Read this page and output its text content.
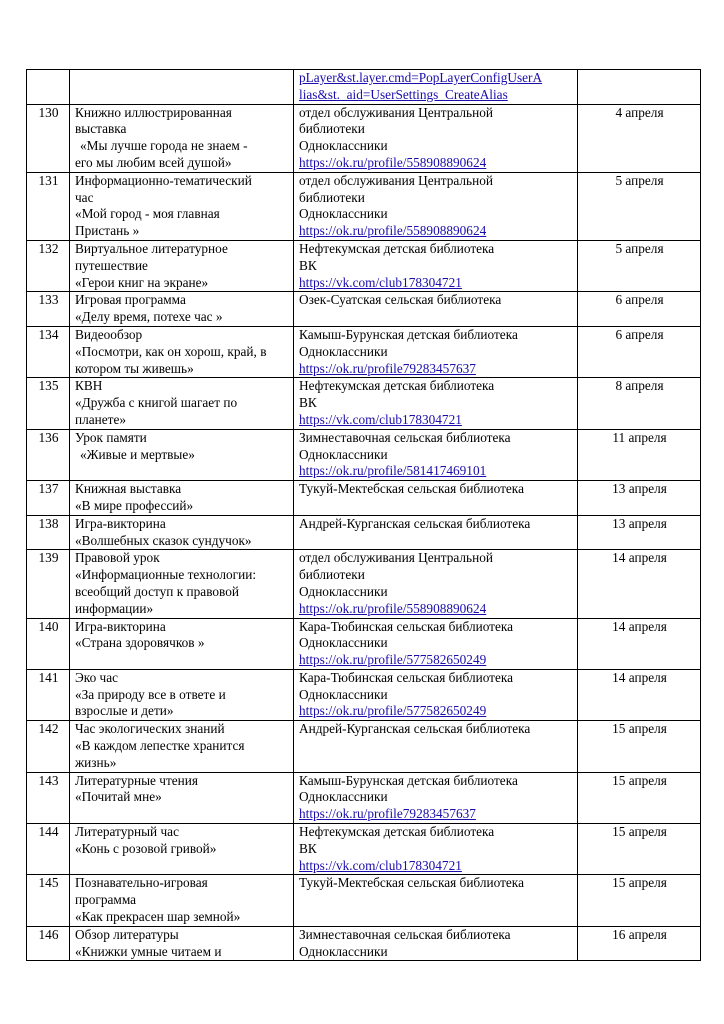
		pLayer&st.layer.cmd=PopLayerConfigUserA
lias&st._aid=UserSettings_CreateAlias	

130	Книжно иллюстрированная
выставка
«Мы лучше города не знаем -
его мы любим всей душой»	отдел обслуживания Центральной
библиотеки
Одноклассники
https://ok.ru/profile/558908890624	4 апреля
131	Информационно-тематический
час
«Мой город - моя главная
Пристань »	отдел обслуживания Центральной
библиотеки
Одноклассники
https://ok.ru/profile/558908890624	5 апреля
132	Виртуальное литературное
путешествие
«Герои книг на экране»	Нефтекумская детская библиотека
ВК
https://vk.com/club178304721	5 апреля
133	Игровая программа
«Делу время, потехе час »	Озек-Суатская сельская библиотека	6 апреля
134	Видеообзор
«Посмотри, как он хорош, край, в
котором ты живешь»	Камыш-Бурунская детская библиотека
Одноклассники
https://ok.ru/profile79283457637	6 апреля
135	КВН
«Дружба с книгой шагает по
планете»	Нефтекумская детская библиотека
ВК
https://vk.com/club178304721	8 апреля
136	Урок памяти
«Живые и мертвые»	Зимнеставочная сельская библиотека
Одноклассники
https://ok.ru/profile/581417469101	11 апреля
137	Книжная выставка
«В мире профессий»	Тукуй-Мектебская сельская библиотека	13 апреля
138	Игра-викторина
«Волшебных сказок сундучок»	Андрей-Курганская сельская библиотека	13 апреля
139	Правовой урок
«Информационные технологии:
всеобщий доступ к правовой
информации»	отдел обслуживания Центральной
библиотеки
Одноклассники
https://ok.ru/profile/558908890624	14 апреля
140	Игра-викторина
«Страна здоровячков »	Кара-Тюбинская сельская библиотека
Одноклассники
https://ok.ru/profile/577582650249	14 апреля
141	Эко час
«За природу все в ответе и
взрослые и дети»	Кара-Тюбинская сельская библиотека
Одноклассники
https://ok.ru/profile/577582650249	14 апреля
142	Час экологических знаний
«В каждом лепестке хранится
жизнь»	Андрей-Курганская сельская библиотека	15 апреля
143	Литературные чтения
«Почитай мне»	Камыш-Бурунская детская библиотека
Одноклассники
https://ok.ru/profile79283457637	15 апреля
144	Литературный час
«Конь с розовой гривой»	Нефтекумская детская библиотека
ВК
https://vk.com/club178304721	15 апреля
145	Познавательно-игровая
программа
«Как прекрасен шар земной»	Тукуй-Мектебская сельская библиотека	15 апреля
146	Обзор литературы
«Книжки умные читаем и	Зимнеставочная сельская библиотека
Одноклассники	16 апреля
